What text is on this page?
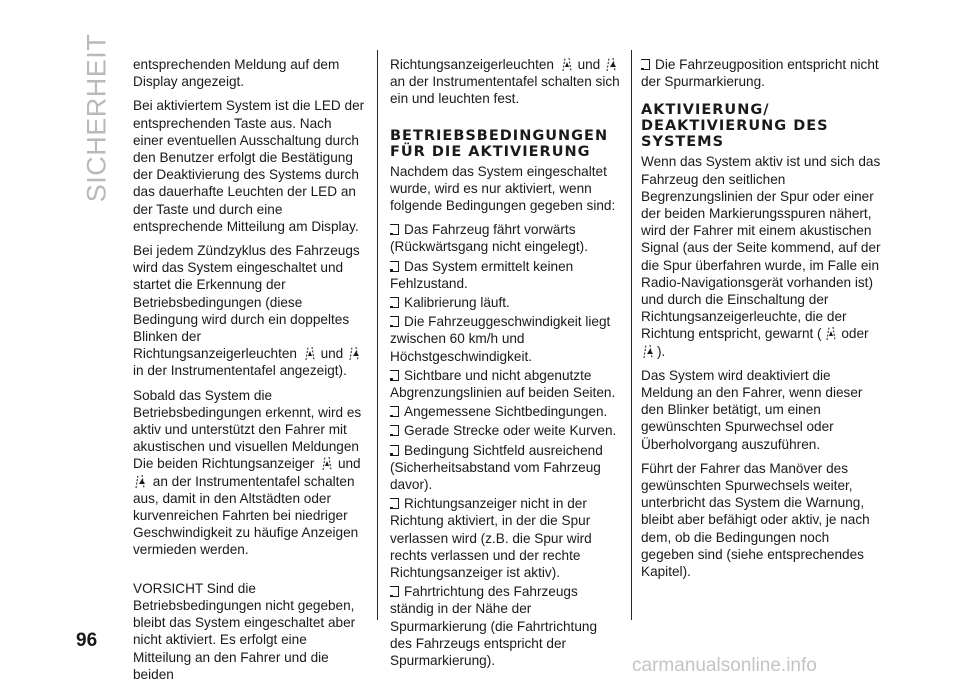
SICHERHEIT entsprechenden Meldung auf dem Display angezeigt.

Bei aktiviertem System ist die LED der entsprechenden Taste aus. Nach einer eventuellen Ausschaltung durch den Benutzer erfolgt die Bestätigung der Deaktivierung des Systems durch das dauerhafte Leuchten der LED an der Taste und durch eine entsprechende Mitteilung am Display.

Bei jedem Zündzyklus des Fahrzeugs wird das System eingeschaltet und startet die Erkennung der Betriebsbedingungen (diese Bedingung wird durch ein doppeltes Blinken der Richtungsanzeigerleuchten und  in der Instrumententafel angezeigt).

Sobald das System die Betriebsbedingungen erkennt, wird es aktiv und unterstützt den Fahrer mit akustischen und visuellen Meldungen Die beiden Richtungsanzeiger und  an der Instrumententafel schalten aus, damit in den Altstädten oder kurvenreichen Fahrten bei niedriger Geschwindigkeit zu häufige Anzeigen vermieden werden.

VORSICHT Sind die Betriebsbedingungen nicht gegeben, bleibt das System eingeschaltet aber nicht aktiviert. Es erfolgt eine Mitteilung an den Fahrer und die beiden

Richtungsanzeigerleuchten und  an der Instrumententafel schalten sich ein und leuchten fest.

BETRIEBSBEDINGUNGEN FÜR DIE AKTIVIERUNG

Nachdem das System eingeschaltet wurde, wird es nur aktiviert, wenn folgende Bedingungen gegeben sind:

Das Fahrzeug fährt vorwärts (Rückwärtsgang nicht eingelegt).

Das System ermittelt keinen Fehlzustand.

Kalibrierung läuft.

Die Fahrzeuggeschwindigkeit liegt zwischen 60 km/h und Höchstgeschwindigkeit.

Sichtbare und nicht abgenutzte Abgrenzungslinien auf beiden Seiten.

Angemessene Sichtbedingungen.

Gerade Strecke oder weite Kurven.

Bedingung Sichtfeld ausreichend (Sicherheitsabstand vom Fahrzeug davor).

Richtungsanzeiger nicht in der Richtung aktiviert, in der die Spur verlassen wird (z.B. die Spur wird rechts verlassen und der rechte Richtungsanzeiger ist aktiv).

Fahrtrichtung des Fahrzeugs ständig in der Nähe der Spurmarkierung (die Fahrtrichtung des Fahrzeugs entspricht der Spurmarkierung).

Die Fahrzeugposition entspricht nicht der Spurmarkierung.

AKTIVIERUNG/ DEAKTIVIERUNG DES SYSTEMS

Wenn das System aktiv ist und sich das Fahrzeug den seitlichen Begrenzungslinien der Spur oder einer der beiden Markierungsspuren nähert, wird der Fahrer mit einem akustischen Signal (aus der Seite kommend, auf der die Spur überfahren wurde, im Falle ein Radio-Navigationsgerät vorhanden ist) und durch die Einschaltung der Richtungsanzeigerleuchte, die der Richtung entspricht, gewarnt ( oder ).

Das System wird deaktiviert die Meldung an den Fahrer, wenn dieser den Blinker betätigt, um einen gewünschten Spurwechsel oder Überholvorgang auszuführen.

Führt der Fahrer das Manöver des gewünschten Spurwechsels weiter, unterbricht das System die Warnung, bleibt aber befähigt oder aktiv, je nach dem, ob die Bedingungen noch gegeben sind (siehe entsprechendes Kapitel).

96
carmanualsonline.info
